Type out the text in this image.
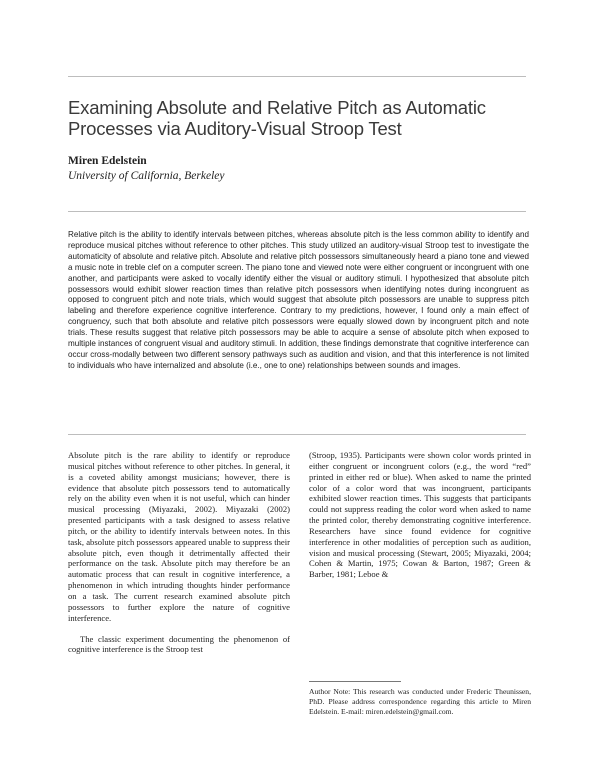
Examining Absolute and Relative Pitch as Automatic Processes via Auditory-Visual Stroop Test
Miren Edelstein
University of California, Berkeley

Relative pitch is the ability to identify intervals between pitches, whereas absolute pitch is the less common ability to identify and reproduce musical pitches without reference to other pitches. This study utilized an auditory-visual Stroop test to investigate the automaticity of absolute and relative pitch. Absolute and relative pitch possessors simultaneously heard a piano tone and viewed a music note in treble clef on a computer screen. The piano tone and viewed note were either congruent or incongruent with one another, and participants were asked to vocally identify either the visual or auditory stimuli. I hypothesized that absolute pitch possessors would exhibit slower reaction times than relative pitch possessors when identifying notes during incongruent as opposed to congruent pitch and note trials, which would suggest that absolute pitch possessors are unable to suppress pitch labeling and therefore experience cognitive interference. Contrary to my predictions, however, I found only a main effect of congruency, such that both absolute and relative pitch possessors were equally slowed down by incongruent pitch and note trials. These results suggest that relative pitch possessors may be able to acquire a sense of absolute pitch when exposed to multiple instances of congruent visual and auditory stimuli. In addition, these findings demonstrate that cognitive interference can occur cross-modally between two different sensory pathways such as audition and vision, and that this interference is not limited to individuals who have internalized and absolute (i.e., one to one) relationships between sounds and images.

Absolute pitch is the rare ability to identify or reproduce musical pitches without reference to other pitches. In general, it is a coveted ability amongst musicians; however, there is evidence that absolute pitch possessors tend to automatically rely on the ability even when it is not useful, which can hinder musical processing (Miyazaki, 2002). Miyazaki (2002) presented participants with a task designed to assess relative pitch, or the ability to identify intervals between notes. In this task, absolute pitch possessors appeared unable to suppress their absolute pitch, even though it detrimentally affected their performance on the task. Absolute pitch may therefore be an automatic process that can result in cognitive interference, a phenomenon in which intruding thoughts hinder performance on a task. The current research examined absolute pitch possessors to further explore the nature of cognitive interference.

The classic experiment documenting the phenomenon of cognitive interference is the Stroop test

(Stroop, 1935). Participants were shown color words printed in either congruent or incongruent colors (e.g., the word “red” printed in either red or blue). When asked to name the printed color of a color word that was incongruent, participants exhibited slower reaction times. This suggests that participants could not suppress reading the color word when asked to name the printed color, thereby demonstrating cognitive interference. Researchers have since found evidence for cognitive interference in other modalities of perception such as audition, vision and musical processing (Stewart, 2005; Miyazaki, 2004; Cohen & Martin, 1975; Cowan & Barton, 1987; Green & Barber, 1981; Leboe &

Author Note: This research was conducted under Frederic Theunissen, PhD. Please address correspondence regarding this article to Miren Edelstein. E-mail: miren.edelstein@gmail.com.
